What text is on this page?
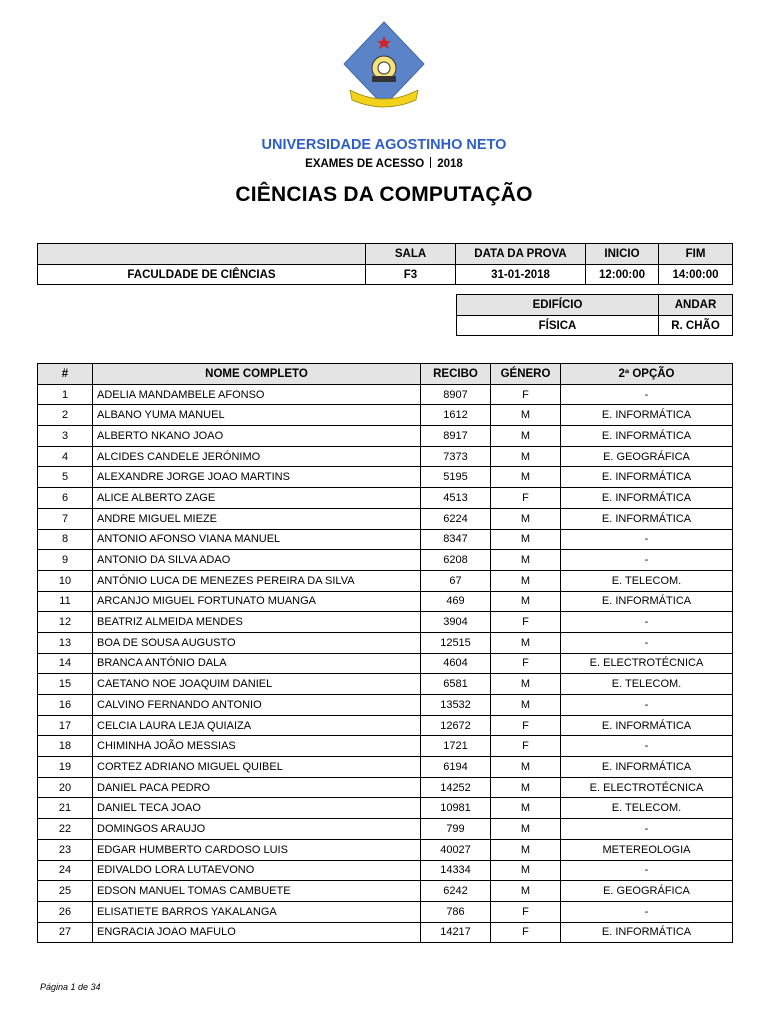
UNIVERSIDADE AGOSTINHO NETO
EXAMES DE ACESSO 2018
CIÊNCIAS DA COMPUTAÇÃO
	SALA	DATA DA PROVA	INICIO	FIM
FACULDADE DE CIÊNCIAS	F3	31-01-2018	12:00:00	14:00:00
EDIFÍCIO	ANDAR
FÍSICA	R. CHÃO
#	NOME COMPLETO	RECIBO	GÉNERO	2ª OPÇÃO
1	ADELIA MANDAMBELE AFONSO	8907	F	-
2	ALBANO YUMA MANUEL	1612	M	E. INFORMÁTICA
3	ALBERTO NKANO JOAO	8917	M	E. INFORMÁTICA
4	ALCIDES CANDELE JERÓNIMO	7373	M	E. GEOGRÁFICA
5	ALEXANDRE JORGE JOAO MARTINS	5195	M	E. INFORMÁTICA
6	ALICE ALBERTO ZAGE	4513	F	E. INFORMÁTICA
7	ANDRE MIGUEL MIEZE	6224	M	E. INFORMÁTICA
8	ANTONIO AFONSO VIANA MANUEL	8347	M	-
9	ANTONIO DA SILVA ADAO	6208	M	-
10	ANTÓNIO LUCA DE MENEZES PEREIRA DA SILVA	67	M	E. TELECOM.
11	ARCANJO MIGUEL FORTUNATO MUANGA	469	M	E. INFORMÁTICA
12	BEATRIZ ALMEIDA MENDES	3904	F	-
13	BOA DE SOUSA AUGUSTO	12515	M	-
14	BRANCA ANTÓNIO DALA	4604	F	E. ELECTROTÉCNICA
15	CAETANO NOE JOAQUIM DANIEL	6581	M	E. TELECOM.
16	CALVINO FERNANDO ANTONIO	13532	M	-
17	CELCIA LAURA LEJA QUIAIZA	12672	F	E. INFORMÁTICA
18	CHIMINHA JOÃO MESSIAS	1721	F	-
19	CORTEZ ADRIANO MIGUEL QUIBEL	6194	M	E. INFORMÁTICA
20	DANIEL PACA PEDRO	14252	M	E. ELECTROTÉCNICA
21	DANIEL TECA JOAO	10981	M	E. TELECOM.
22	DOMINGOS ARAUJO	799	M	-
23	EDGAR HUMBERTO CARDOSO LUIS	40027	M	METEREOLOGIA
24	EDIVALDO LORA LUTAEVONO	14334	M	-
25	EDSON MANUEL TOMAS CAMBUETE	6242	M	E. GEOGRÁFICA
26	ELISATIETE BARROS YAKALANGA	786	F	-
27	ENGRACIA JOAO MAFULO	14217	F	E. INFORMÁTICA
Página 1 de 34
